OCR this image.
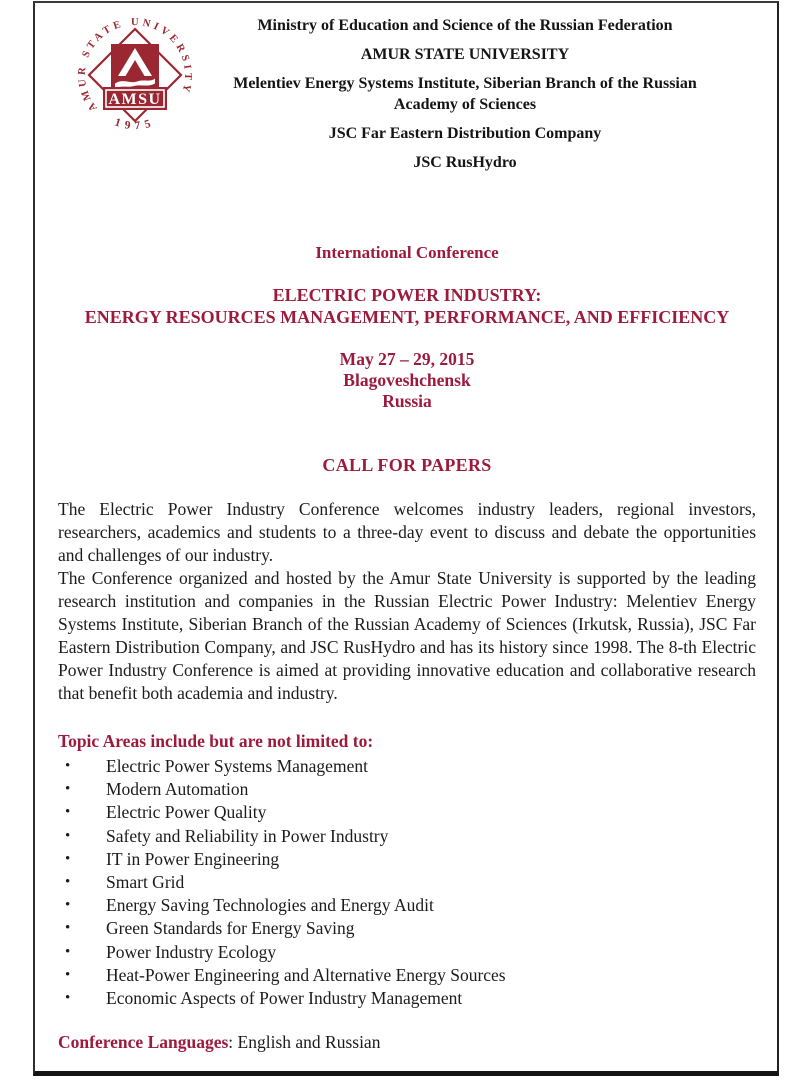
AMSU
AMUR STATE UNIVERSITY
1975
Ministry of Education and Science of the Russian Federation
AMUR STATE UNIVERSITY
Melentiev Energy Systems Institute, Siberian Branch of the Russian Academy of Sciences
JSC Far Eastern Distribution Company
JSC RusHydro
International Conference
ELECTRIC POWER INDUSTRY:
ENERGY RESOURCES MANAGEMENT, PERFORMANCE, AND EFFICIENCY
May 27 – 29, 2015
Blagoveshchensk
Russia
CALL FOR PAPERS

The Electric Power Industry Conference welcomes industry leaders, regional investors, researchers, academics and students to a three-day event to discuss and debate the opportunities and challenges of our industry.

The Conference organized and hosted by the Amur State University is supported by the leading research institution and companies in the Russian Electric Power Industry: Melentiev Energy Systems Institute, Siberian Branch of the Russian Academy of Sciences (Irkutsk, Russia), JSC Far Eastern Distribution Company, and JSC RusHydro and has its history since 1998. The 8-th Electric Power Industry Conference is aimed at providing innovative education and collaborative research that benefit both academia and industry.

Topic Areas include but are not limited to:
•	Electric Power Systems Management
•	Modern Automation
•	Electric Power Quality
•	Safety and Reliability in Power Industry
•	IT in Power Engineering
•	Smart Grid
•	Energy Saving Technologies and Energy Audit
•	Green Standards for Energy Saving
•	Power Industry Ecology
•	Heat-Power Engineering and Alternative Energy Sources
•	Economic Aspects of Power Industry Management
Conference Languages: English and Russian
